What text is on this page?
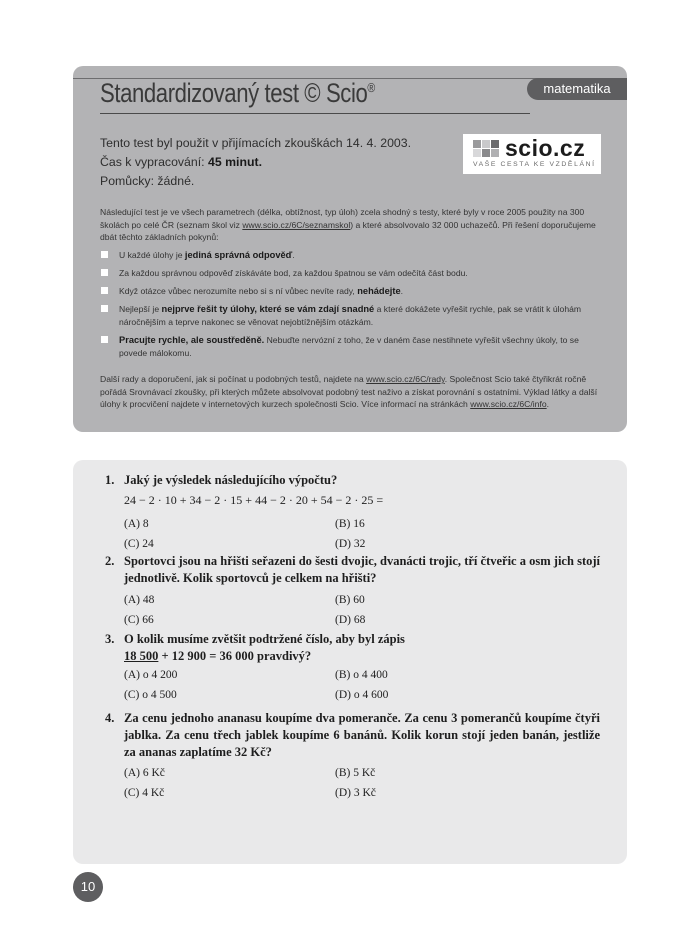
matematika
Standardizovaný test © Scio®
Tento test byl použit v přijímacích zkouškách 14. 4. 2003.
Čas k vypracování: 45 minut.
Pomůcky: žádné.
scio.cz
VAŠE CESTA KE VZDĚLÁNÍ

Následující test je ve všech parametrech (délka, obtížnost, typ úloh) zcela shodný s testy, které byly v roce 2005 použity na 300 školách po celé ČR (seznam škol viz www.scio.cz/6C/seznamskol) a které absolvovalo 32 000 uchazečů. Při řešení doporučujeme dbát těchto základních pokynů:

U každé úlohy je jediná správná odpověď.
Za každou správnou odpověď získáváte bod, za každou špatnou se vám odečítá část bodu.
Když otázce vůbec nerozumíte nebo si s ní vůbec nevíte rady, nehádejte.
Nejlepší je nejprve řešit ty úlohy, které se vám zdají snadné a které dokážete vyřešit rychle, pak se vrátit k úlohám náročnějším a teprve nakonec se věnovat nejobtížnějším otázkám.
Pracujte rychle, ale soustředěně. Nebuďte nervózní z toho, že v daném čase nestihnete vyřešit všechny úkoly, to se povede málokomu.

Další rady a doporučení, jak si počínat u podobných testů, najdete na www.scio.cz/6C/rady. Společnost Scio také čtyřikrát ročně pořádá Srovnávací zkoušky, při kterých můžete absolvovat podobný test naživo a získat porovnání s ostatními. Výklad látky a další úlohy k procvičení najdete v internetových kurzech společnosti Scio. Více informací na stránkách www.scio.cz/6C/info.

1. Jaký je výsledek následujícího výpočtu?
24 − 2 · 10 + 34 − 2 · 15 + 44 − 2 · 20 + 54 − 2 · 25 =
(A) 8	(B) 16
(C) 24	(D) 32
2. Sportovci jsou na hřišti seřazeni do šesti dvojic, dvanácti trojic, tří čtveřic a osm jich stojí jednotlivě. Kolik sportovců je celkem na hřišti?
(A) 48	(B) 60
(C) 66	(D) 68
3. O kolik musíme zvětšit podtržené číslo, aby byl zápis
18 500 + 12 900 = 36 000 pravdivý?
(A) o 4 200	(B) o 4 400
(C) o 4 500	(D) o 4 600
4. Za cenu jednoho ananasu koupíme dva pomeranče. Za cenu 3 pomerančů koupíme čtyři jablka. Za cenu třech jablek koupíme 6 banánů. Kolik korun stojí jeden banán, jestliže za ananas zaplatíme 32 Kč?
(A) 6 Kč	(B) 5 Kč
(C) 4 Kč	(D) 3 Kč
10
